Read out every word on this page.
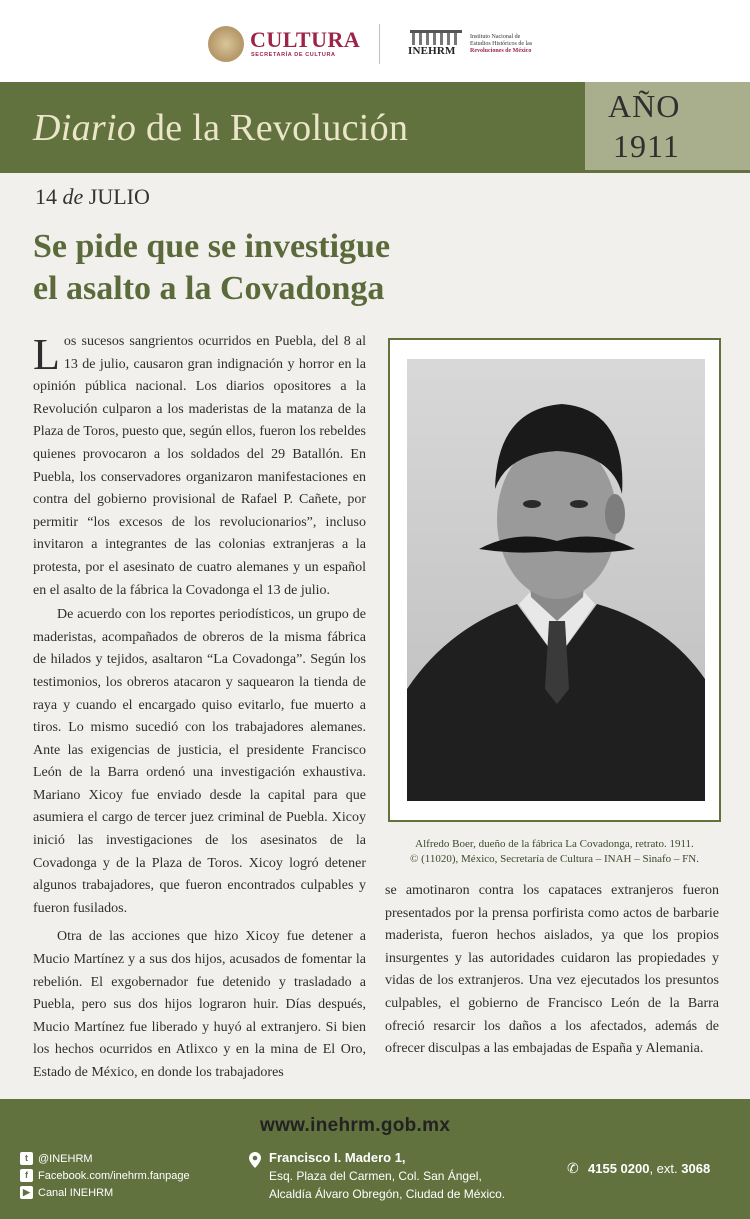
CULTURA
SECRETARÍA DE CULTURA	INEHRM
Instituto Nacional de
Estudios Históricos de las
Revoluciones de México
Diario de la Revolución
AÑO
1911
14 de JULIO
Se pide que se investigue
el asalto a la Covadonga

Los sucesos sangrientos ocurridos en Puebla, del 8 al 13 de julio, causaron gran indignación y horror en la opinión pública nacional. Los diarios opositores a la Revolución culparon a los maderistas de la matanza de la Plaza de Toros, puesto que, según ellos, fueron los rebeldes quienes provocaron a los soldados del 29 Batallón. En Puebla, los conservadores organizaron manifestaciones en contra del gobierno provisional de Rafael P. Cañete, por permitir “los excesos de los revolucionarios”, incluso invitaron a integrantes de las colonias extranjeras a la protesta, por el asesinato de cuatro alemanes y un español en el asalto de la fábrica la Covadonga el 13 de julio.

De acuerdo con los reportes periodísticos, un grupo de maderistas, acompañados de obreros de la misma fábrica de hilados y tejidos, asaltaron “La Covadonga”. Según los testimonios, los obreros atacaron y saquearon la tienda de raya y cuando el encargado quiso evitarlo, fue muerto a tiros. Lo mismo sucedió con los trabajadores alemanes. Ante las exigencias de justicia, el presidente Francisco León de la Barra ordenó una investigación exhaustiva. Mariano Xicoy fue enviado desde la capital para que asumiera el cargo de tercer juez criminal de Puebla. Xicoy inició las investigaciones de los asesinatos de la Covadonga y de la Plaza de Toros. Xicoy logró detener algunos trabajadores, que fueron encontrados culpables y fueron fusilados.

Otra de las acciones que hizo Xicoy fue detener a Mucio Martínez y a sus dos hijos, acusados de fomentar la rebelión. El exgobernador fue detenido y trasladado a Puebla, pero sus dos hijos lograron huir. Días después, Mucio Martínez fue liberado y huyó al extranjero. Si bien los hechos ocurridos en Atlixco y en la mina de El Oro, Estado de México, en donde los trabajadores

Alfredo Boer, dueño de la fábrica La Covadonga, retrato. 1911.
© (11020), México, Secretaría de Cultura – INAH – Sinafo – FN.
se amotinaron contra los capataces extranjeros fueron presentados por la prensa porfirista como actos de barbarie maderista, fueron hechos aislados, ya que los propios insurgentes y las autoridades cuidaron las propiedades y vidas de los extranjeros. Una vez ejecutados los presuntos culpables, el gobierno de Francisco León de la Barra ofreció resarcir los daños a los afectados, además de ofrecer disculpas a las embajadas de España y Alemania.
www.inehrm.gob.mx
t @INEHRM
f Facebook.com/inehrm.fanpage
▶ Canal INEHRM
Francisco I. Madero 1,
Esq. Plaza del Carmen, Col. San Ángel,
Alcaldía Álvaro Obregón, Ciudad de México.
✆ 4155 0200, ext. 3068
